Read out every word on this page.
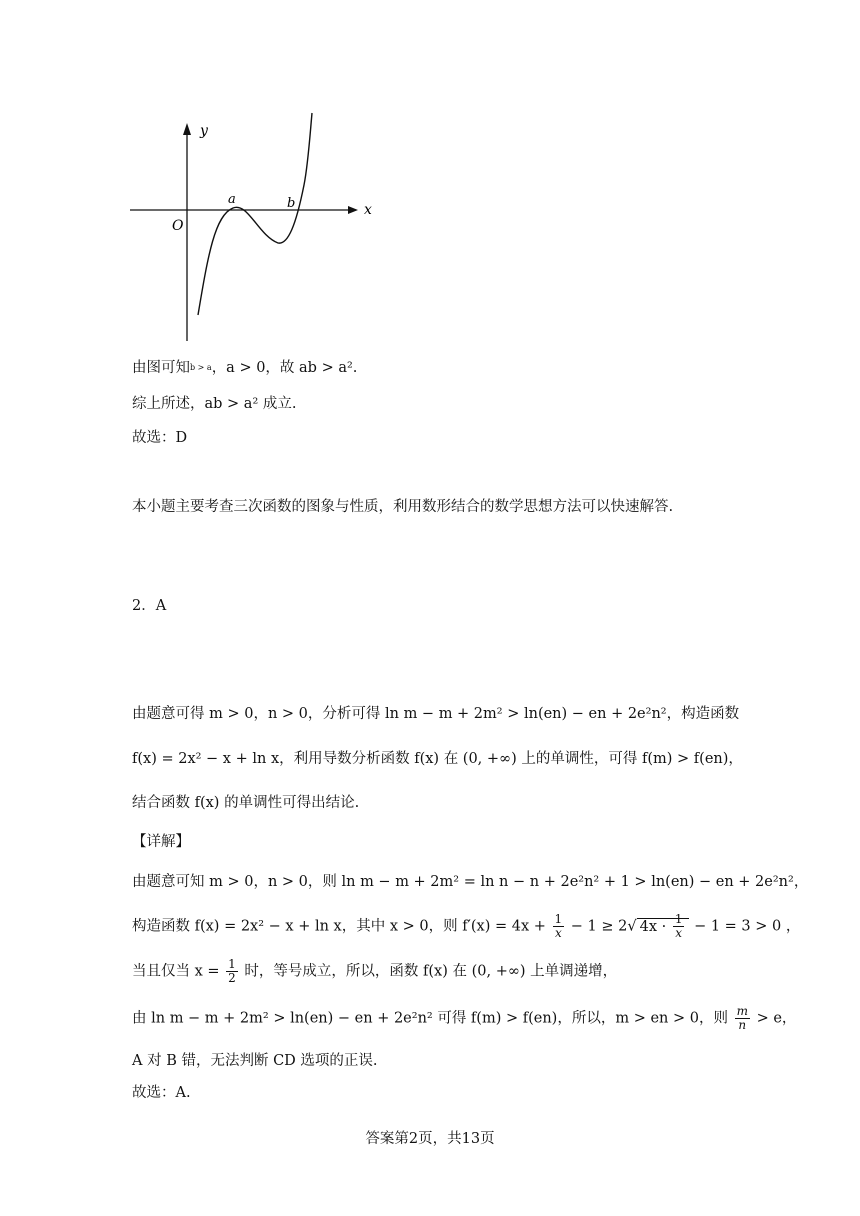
y
x
O
a	b
由图可知b > a，a > 0，故 ab > a².
综上所述，ab > a² 成立.
故选：D
本小题主要考查三次函数的图象与性质，利用数形结合的数学思想方法可以快速解答.
2．A
由题意可得 m > 0，n > 0，分析可得 ln m − m + 2m² > ln(en) − en + 2e²n²，构造函数
f(x) = 2x² − x + ln x，利用导数分析函数 f(x) 在 (0, +∞) 上的单调性，可得 f(m) > f(en)，
结合函数 f(x) 的单调性可得出结论.
【详解】
由题意可知 m > 0，n > 0，则 ln m − m + 2m² = ln n − n + 2e²n² + 1 > ln(en) − en + 2e²n²，
构造函数 f(x) = 2x² − x + ln x，其中 x > 0，则 $f'(x) = 4x + \frac{1}{x} - 1 \ge 2√$ $4x \cdot \frac{1}{x} - 1 = 3 > 0$ ，
当且仅当 $x = \frac{1}{2}$ 时，等号成立，所以，函数 f(x) 在 (0, +∞) 上单调递增，
由 ln m − m + 2m² > ln(en) − en + 2e²n² 可得 f(m) > f(en)，所以，m > en > 0，则 $\frac{m}{n} > e$，
A 对 B 错，无法判断 CD 选项的正误.
故选：A.
答案第2页，共13页
